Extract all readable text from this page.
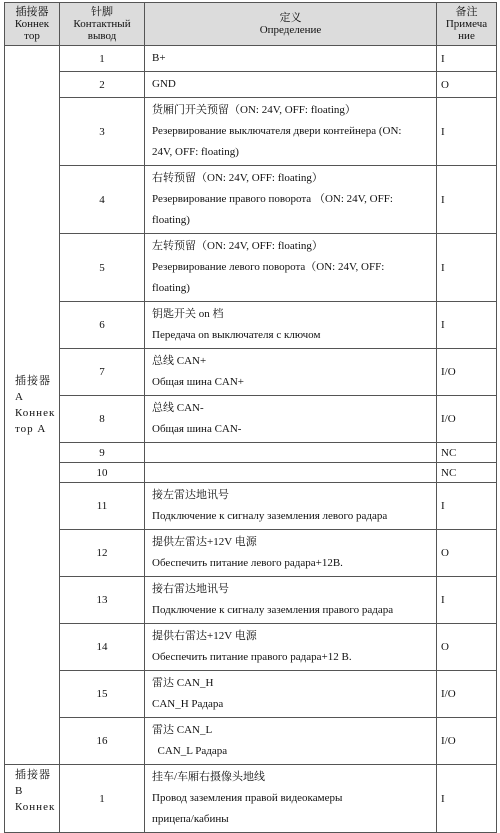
插接器
Коннек
тор	针脚
Контактный
вывод	定义
Определение	备注
Примеча
ние

插接器
A
Коннек
тор A	1	B+	I
	2	GND	O
	3	货厢门开关预留（ON: 24V, OFF: floating）
Резервирование выключателя двери контейнера (ON:
24V, OFF: floating)	I
	4	右转预留（ON: 24V, OFF: floating）
Резервирование правого поворота （ON: 24V, OFF:
floating)	I
	5	左转预留（ON: 24V, OFF: floating）
Резервирование левого поворота（ON: 24V, OFF:
floating)	I
	6	钥匙开关 on 档
Передача on выключателя с ключом	I
	7	总线 CAN+
Общая шина CAN+	I/O
	8	总线 CAN-
Общая шина CAN-	I/O
	9		NC
	10		NC
	11	接左雷达地讯号
Подключение к сигналу заземления левого радара	I
	12	提供左雷达+12V 电源
Обеспечить питание левого радара+12В.	O
	13	接右雷达地讯号
Подключение к сигналу заземления правого радара	I
	14	提供右雷达+12V 电源
Обеспечить питание правого радара+12 В.	O
	15	雷达 CAN_H
CAN_H Радара	I/O
	16	雷达 CAN_L
CAN_L Радара	I/O

插接器
B
Коннек	1	挂车/车厢右摄像头地线
Провод заземления правой видеокамеры
прицепа/кабины	I
